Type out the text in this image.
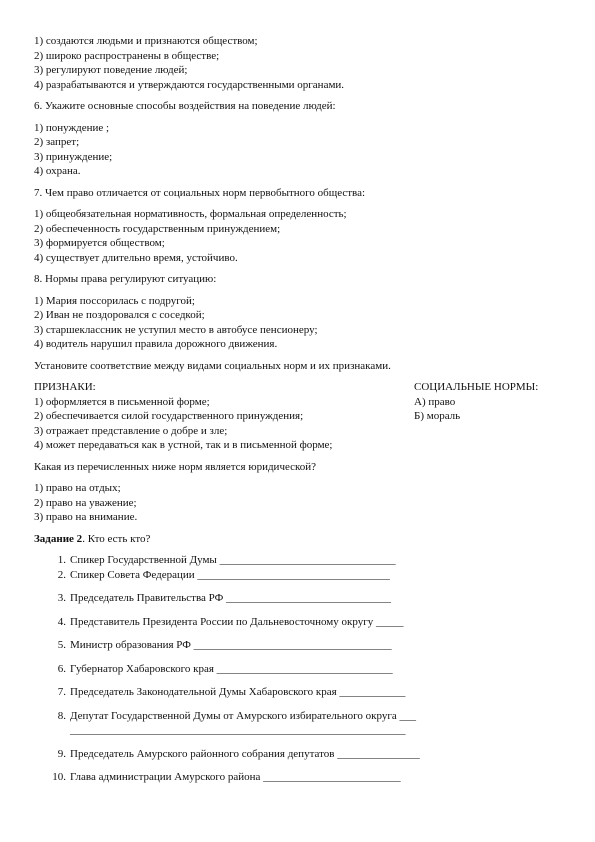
1) создаются людьми и признаются обществом;
2) широко распространены в обществе;
3) регулируют поведение людей;
4) разрабатываются и утверждаются государственными органами.
6. Укажите основные способы воздействия на поведение людей:
1) понуждение ;
2) запрет;
3) принуждение;
4) охрана.
7. Чем право отличается от социальных норм первобытного общества:
1) общеобязательная нормативность, формальная определенность;
2) обеспеченность государственным принуждением;
3) формируется обществом;
4) существует длительно время, устойчиво.
8. Нормы права регулируют ситуацию:
1) Мария поссорилась с подругой;
2) Иван не поздоровался с соседкой;
3) старшеклассник не уступил место в автобусе пенсионеру;
4) водитель нарушил правила дорожного движения.
Установите соответствие между видами социальных норм и их признаками.
ПРИЗНАКИ:
1) оформляется в письменной форме;
2) обеспечивается силой государственного принуждения;
3) отражает представление о добре и зле;
4) может передаваться как в устной, так и в письменной форме;
СОЦИАЛЬНЫЕ НОРМЫ:
А) право
Б) мораль
Какая из перечисленных ниже норм является юридической?
1) право на отдых;
2) право на уважение;
3) право на внимание.
Задание 2. Кто есть кто?
1. Спикер Государственной Думы ________________________________
2. Спикер Совета Федерации ___________________________________
3. Председатель Правительства РФ ______________________________
4. Представитель Президента России по Дальневосточному округу _____
5. Министр образования РФ ____________________________________
6. Губернатор Хабаровского края ________________________________
7. Председатель Законодательной Думы Хабаровского края ____________
8. Депутат Государственной Думы от Амурского избирательного округа ___
_____________________________________________________________
9. Председатель Амурского районного собрания депутатов _______________
10. Глава администрации Амурского района _________________________
